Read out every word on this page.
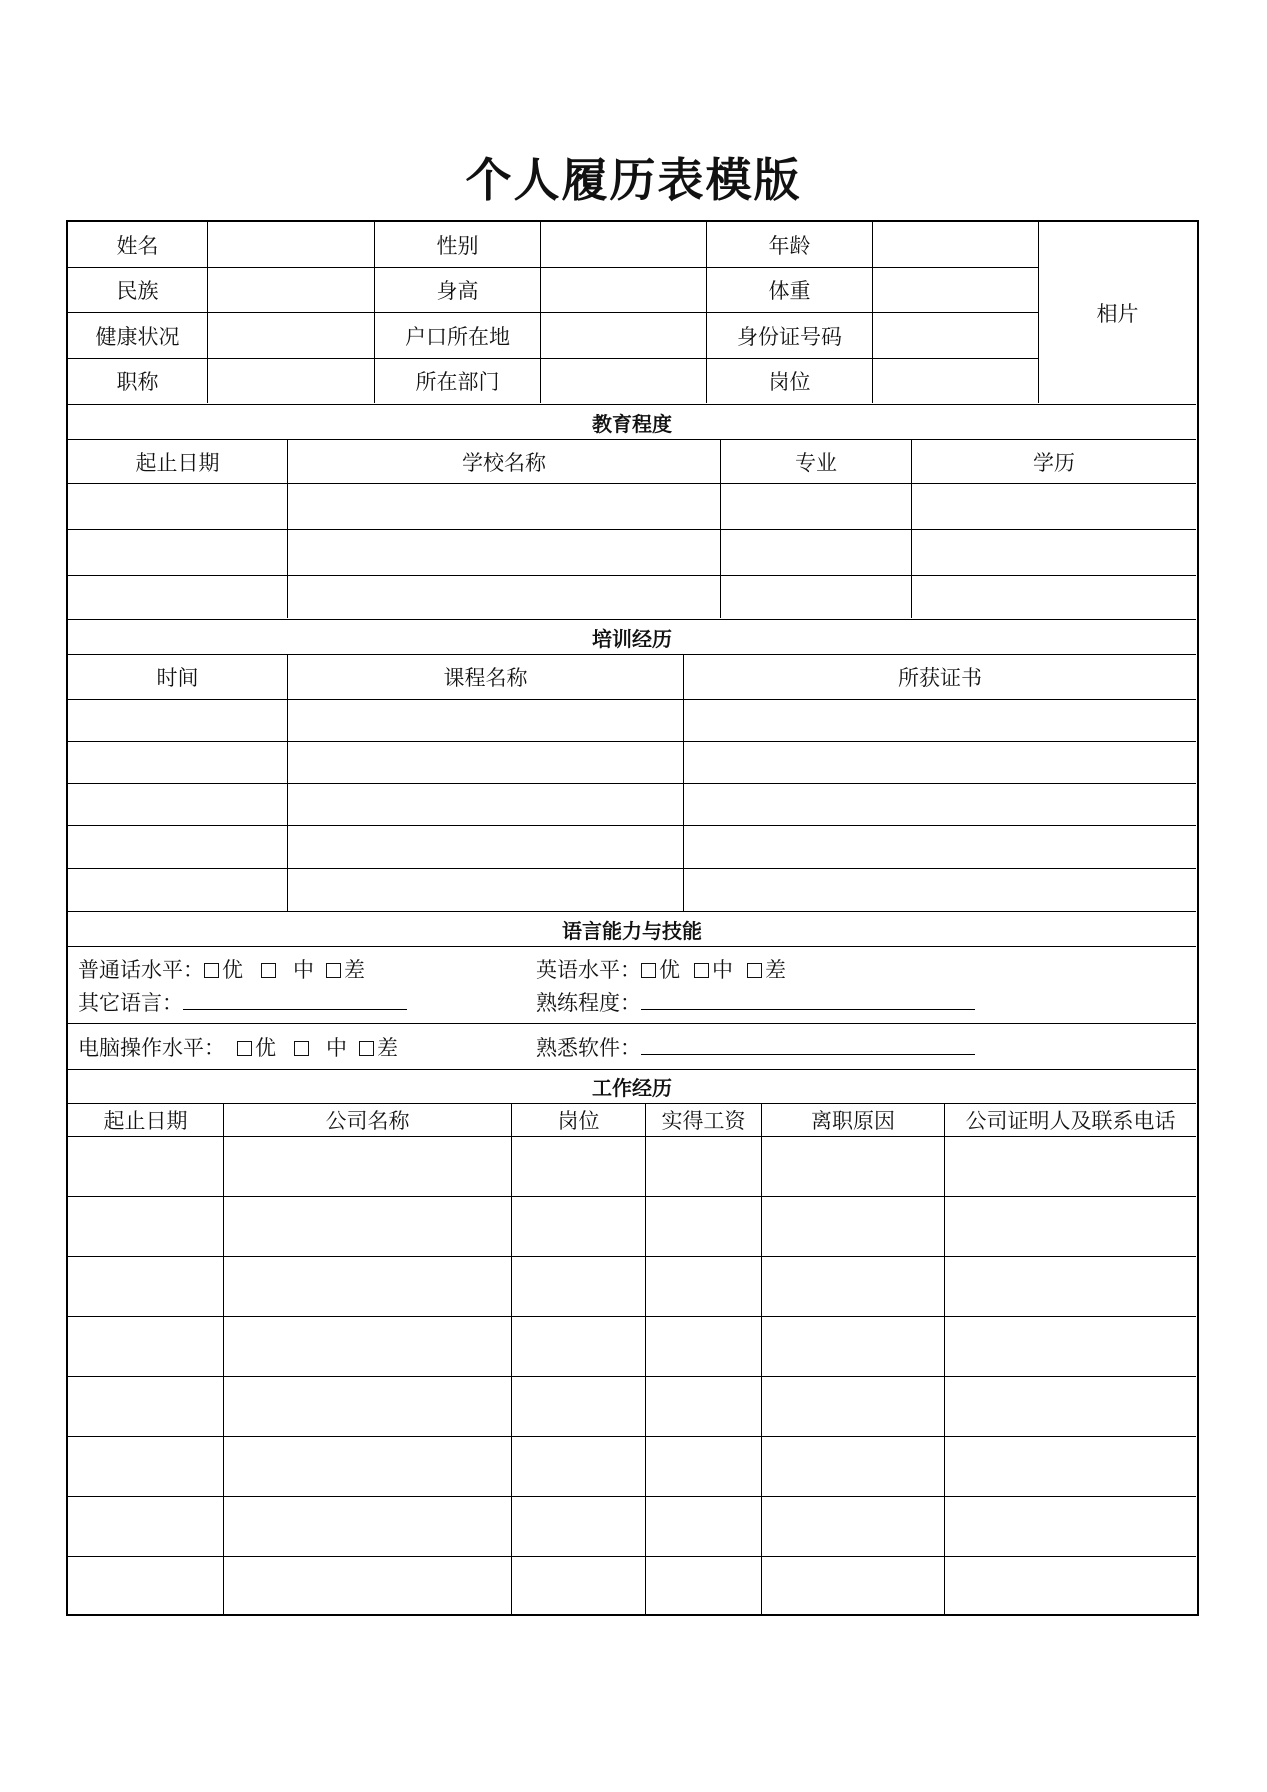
个人履历表模版
姓名	性别	年龄
相片
民族	身高	体重
健康状况	户口所在地	身份证号码
职称	所在部门	岗位
教育程度
起止日期	学校名称	专业	学历
培训经历
时间	课程名称	所获证书
语言能力与技能
普通话水平： 优 中 差	英语水平： 优 中 差
其它语言：	熟练程度：
电脑操作水平： 优 中 差	熟悉软件：
工作经历
起止日期	公司名称	岗位	实得工资	离职原因	公司证明人及联系电话
